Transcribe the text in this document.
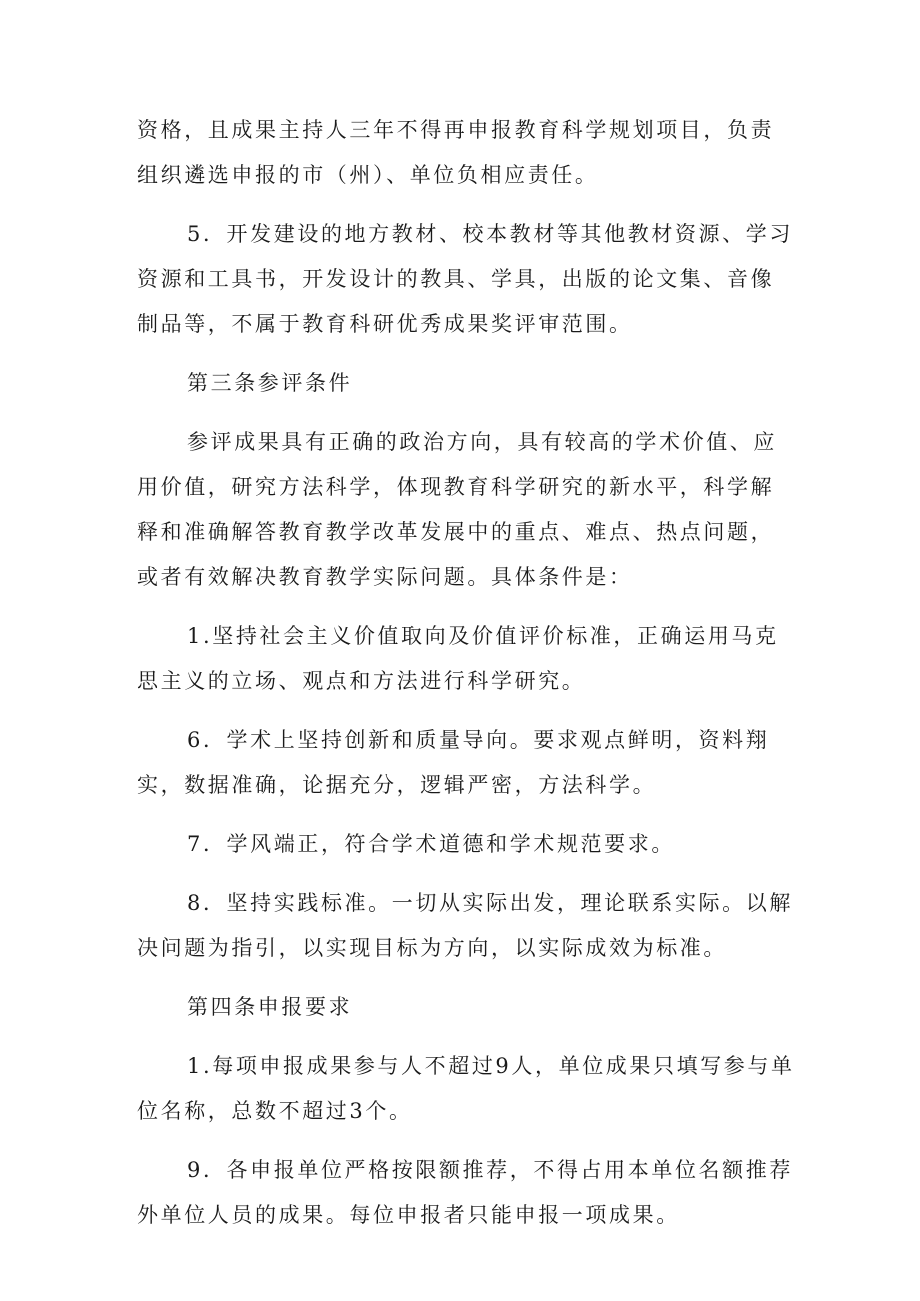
资格，且成果主持人三年不得再申报教育科学规划项目，负责组织遴选申报的市（州）、单位负相应责任。

5．开发建设的地方教材、校本教材等其他教材资源、学习资源和工具书，开发设计的教具、学具，出版的论文集、音像制品等，不属于教育科研优秀成果奖评审范围。

第三条参评条件

参评成果具有正确的政治方向，具有较高的学术价值、应用价值，研究方法科学，体现教育科学研究的新水平，科学解释和准确解答教育教学改革发展中的重点、难点、热点问题，或者有效解决教育教学实际问题。具体条件是：

1.坚持社会主义价值取向及价值评价标准，正确运用马克思主义的立场、观点和方法进行科学研究。

6．学术上坚持创新和质量导向。要求观点鲜明，资料翔实，数据准确，论据充分，逻辑严密，方法科学。

7．学风端正，符合学术道德和学术规范要求。

8．坚持实践标准。一切从实际出发，理论联系实际。以解决问题为指引，以实现目标为方向，以实际成效为标准。

第四条申报要求

1.每项申报成果参与人不超过9人，单位成果只填写参与单位名称，总数不超过3个。

9．各申报单位严格按限额推荐，不得占用本单位名额推荐外单位人员的成果。每位申报者只能申报一项成果。
